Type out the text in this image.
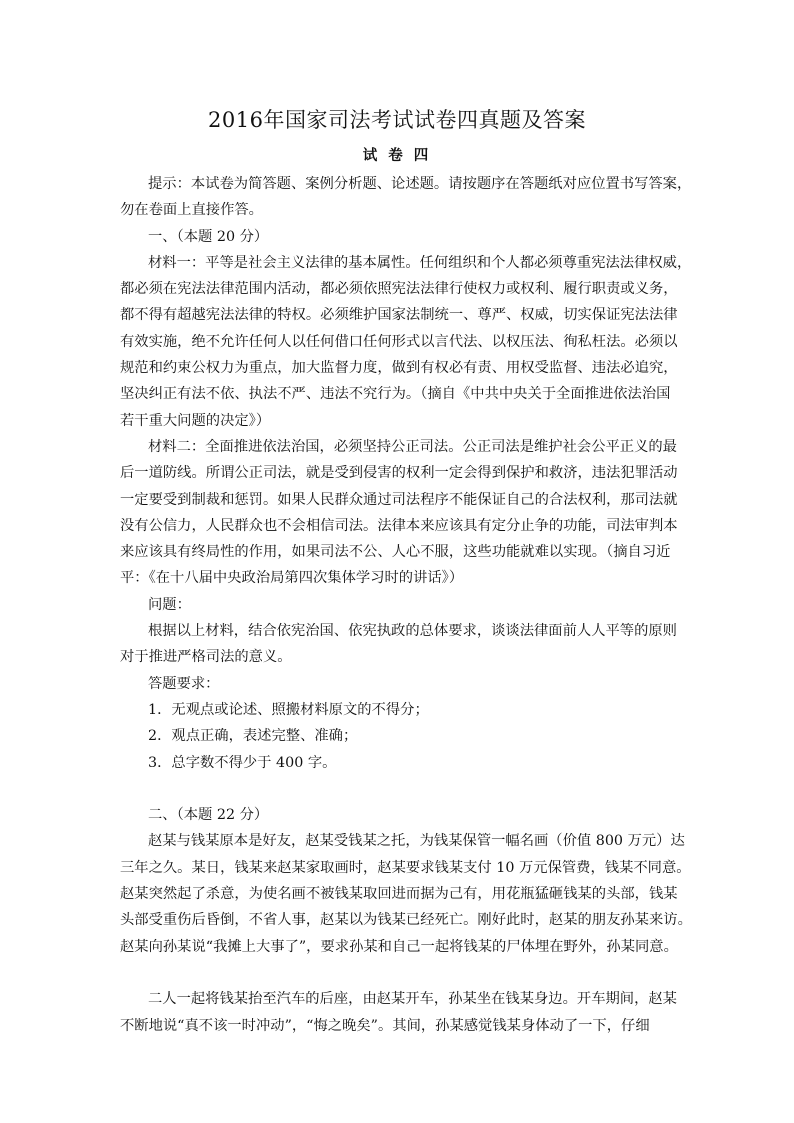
2016年国家司法考试试卷四真题及答案
试 卷 四

提示：本试卷为简答题、案例分析题、论述题。请按题序在答题纸对应位置书写答案，

勿在卷面上直接作答。

一、（本题 20 分）

材料一：平等是社会主义法律的基本属性。任何组织和个人都必须尊重宪法法律权威，

都必须在宪法法律范围内活动，都必须依照宪法法律行使权力或权利、履行职责或义务，

都不得有超越宪法法律的特权。必须维护国家法制统一、尊严、权威，切实保证宪法法律

有效实施，绝不允许任何人以任何借口任何形式以言代法、以权压法、徇私枉法。必须以

规范和约束公权力为重点，加大监督力度，做到有权必有责、用权受监督、违法必追究，

坚决纠正有法不依、执法不严、违法不究行为。（摘自《中共中央关于全面推进依法治国

若干重大问题的决定》）

材料二：全面推进依法治国，必须坚持公正司法。公正司法是维护社会公平正义的最

后一道防线。所谓公正司法，就是受到侵害的权利一定会得到保护和救济，违法犯罪活动

一定要受到制裁和惩罚。如果人民群众通过司法程序不能保证自己的合法权利，那司法就

没有公信力，人民群众也不会相信司法。法律本来应该具有定分止争的功能，司法审判本

来应该具有终局性的作用，如果司法不公、人心不服，这些功能就难以实现。（摘自习近

平：《在十八届中央政治局第四次集体学习时的讲话》）

问题：

根据以上材料，结合依宪治国、依宪执政的总体要求，谈谈法律面前人人平等的原则

对于推进严格司法的意义。

答题要求：

1．无观点或论述、照搬材料原文的不得分；

2．观点正确，表述完整、准确；

3．总字数不得少于 400 字。

二、（本题 22 分）

赵某与钱某原本是好友，赵某受钱某之托，为钱某保管一幅名画（价值 800 万元）达

三年之久。某日，钱某来赵某家取画时，赵某要求钱某支付 10 万元保管费，钱某不同意。

赵某突然起了杀意，为使名画不被钱某取回进而据为己有，用花瓶猛砸钱某的头部，钱某

头部受重伤后昏倒，不省人事，赵某以为钱某已经死亡。刚好此时，赵某的朋友孙某来访。

赵某向孙某说“我摊上大事了”，要求孙某和自己一起将钱某的尸体埋在野外，孙某同意。

二人一起将钱某抬至汽车的后座，由赵某开车，孙某坐在钱某身边。开车期间，赵某

不断地说“真不该一时冲动”，“悔之晚矣”。其间，孙某感觉钱某身体动了一下，仔细
